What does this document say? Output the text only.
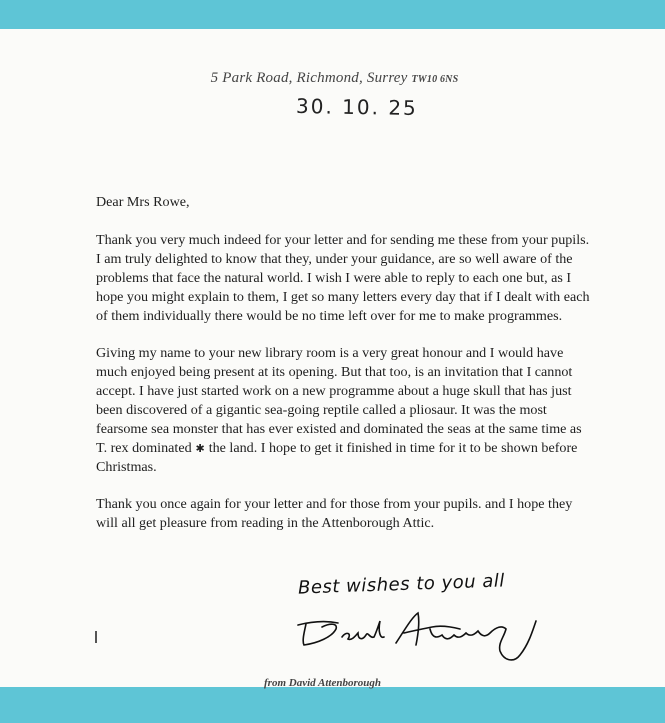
5 Park Road, Richmond, Surrey TW10 6NS
30. 10. 25

Dear Mrs Rowe,

Thank you very much indeed for your letter and for sending me these from your pupils. I am truly delighted to know that they, under your guidance, are so well aware of the problems that face the natural world. I wish I were able to reply to each one but, as I hope you might explain to them, I get so many letters every day that if I dealt with each of them individually there would be no time left over for me to make programmes.

Giving my name to your new library room is a very great honour and I would have much enjoyed being present at its opening. But that too, is an invitation that I cannot accept. I have just started work on a new programme about a huge skull that has just been discovered of a gigantic sea-going reptile called a pliosaur. It was the most fearsome sea monster that has ever existed and dominated the seas at the same time as T. rex dominated ✱ the land. I hope to get it finished in time for it to be shown before Christmas.

Thank you once again for your letter and for those from your pupils. and I hope they will all get pleasure from reading in the Attenborough Attic.

Best wishes to you all
from David Attenborough
